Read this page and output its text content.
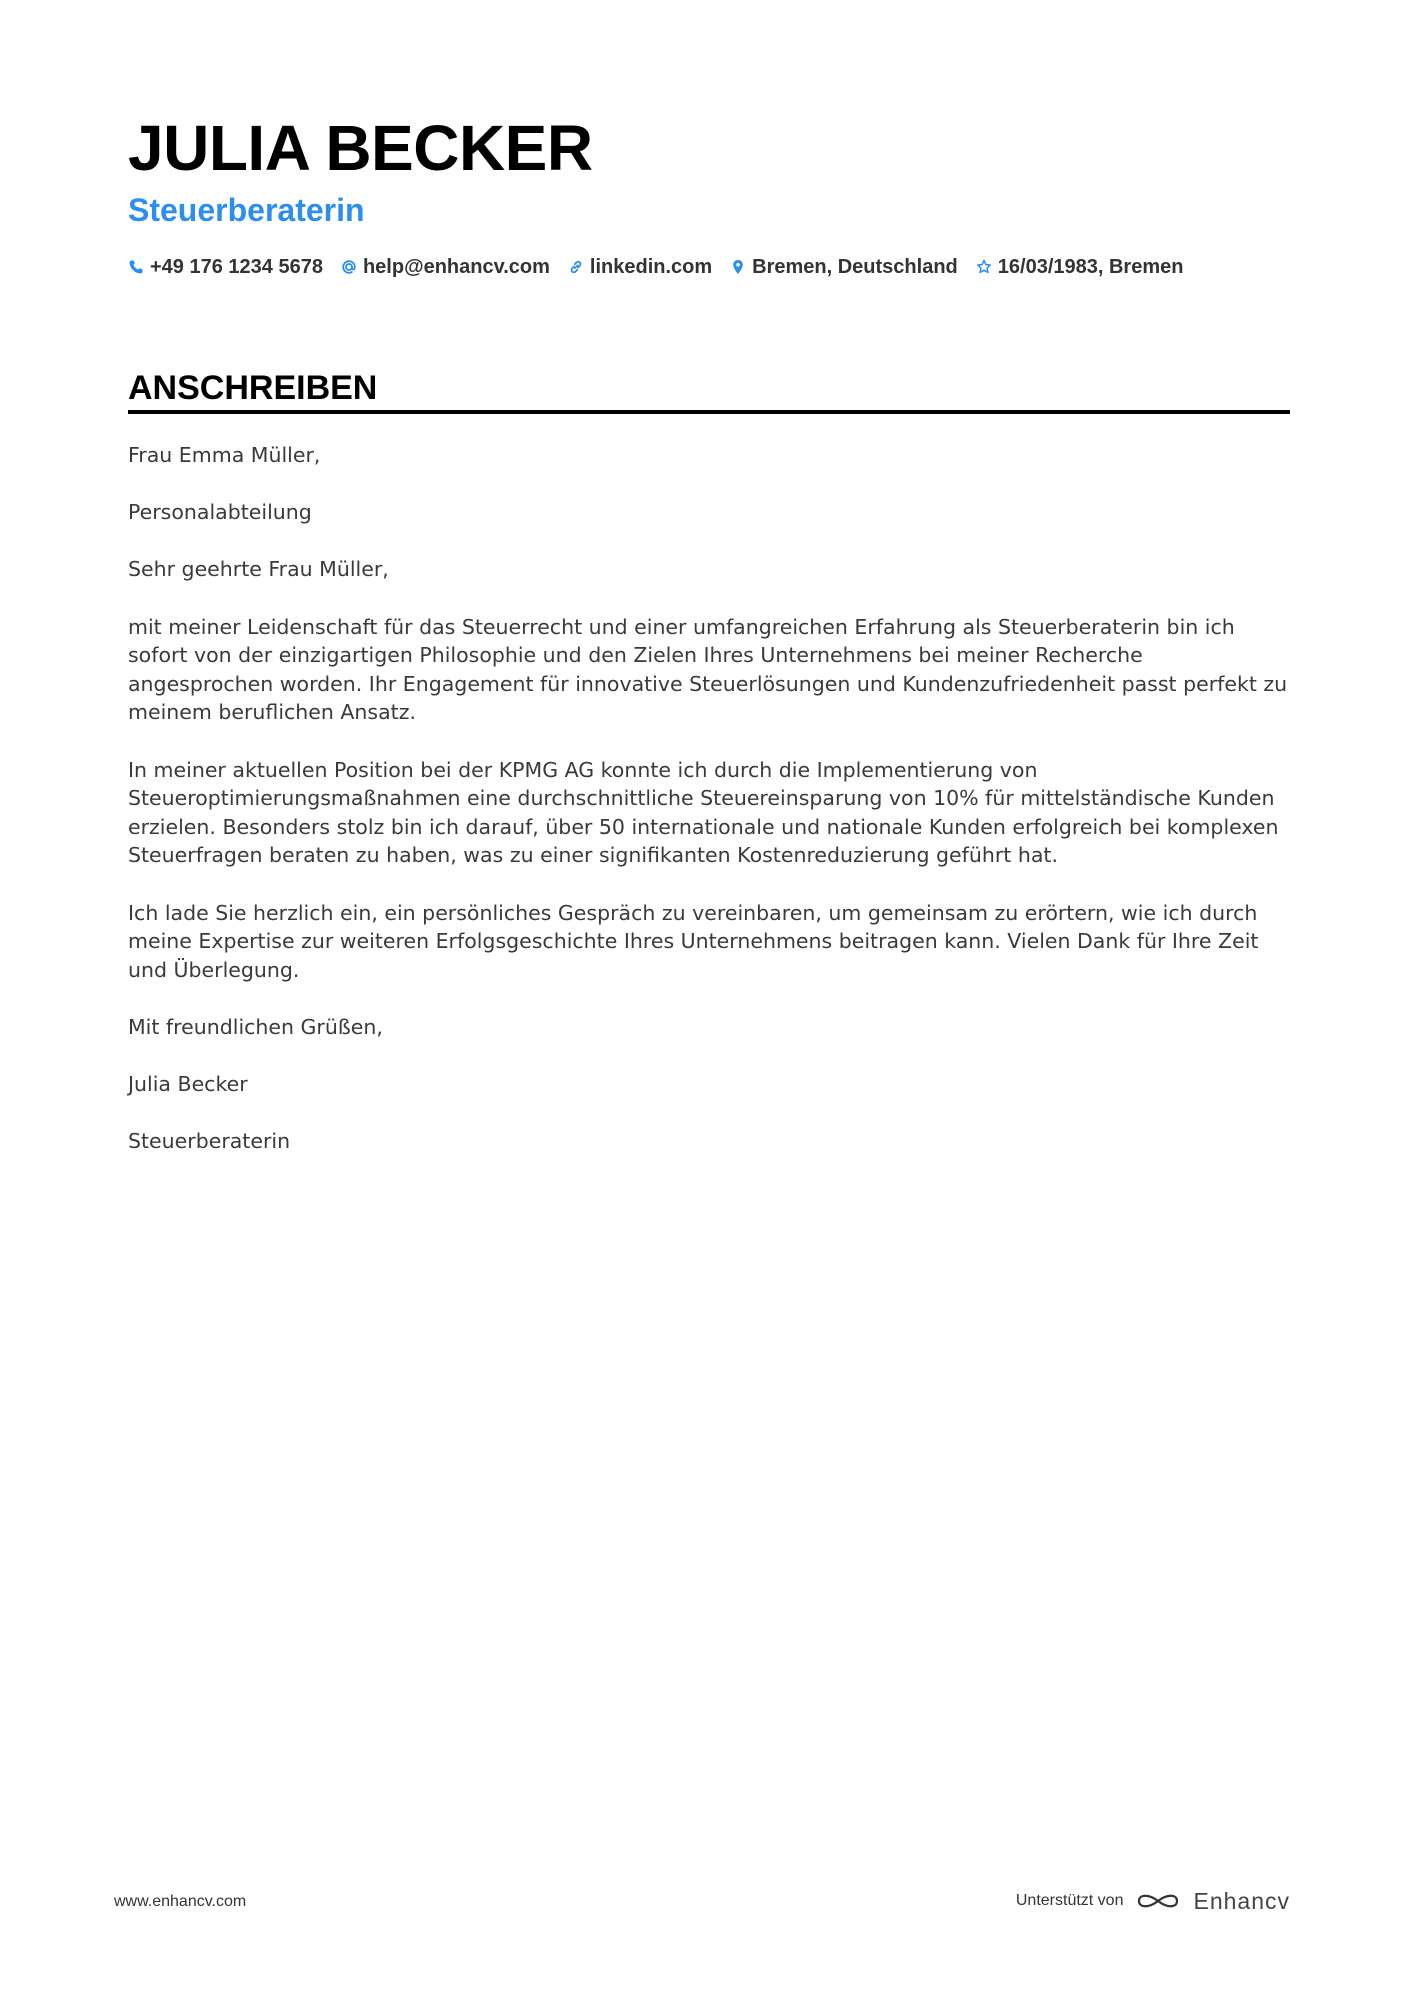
JULIA BECKER
Steuerberaterin
+49 176 1234 5678 help@enhancv.com linkedin.com Bremen, Deutschland 16/03/1983, Bremen
ANSCHREIBEN

Frau Emma Müller,

Personalabteilung

Sehr geehrte Frau Müller,

mit meiner Leidenschaft für das Steuerrecht und einer umfangreichen Erfahrung als Steuerberaterin bin ich sofort von der einzigartigen Philosophie und den Zielen Ihres Unternehmens bei meiner Recherche angesprochen worden. Ihr Engagement für innovative Steuerlösungen und Kundenzufriedenheit passt perfekt zu meinem beruflichen Ansatz.

In meiner aktuellen Position bei der KPMG AG konnte ich durch die Implementierung von Steueroptimierungsmaßnahmen eine durchschnittliche Steuereinsparung von 10% für mittelständische Kunden erzielen. Besonders stolz bin ich darauf, über 50 internationale und nationale Kunden erfolgreich bei komplexen Steuerfragen beraten zu haben, was zu einer signifikanten Kostenreduzierung geführt hat.

Ich lade Sie herzlich ein, ein persönliches Gespräch zu vereinbaren, um gemeinsam zu erörtern, wie ich durch meine Expertise zur weiteren Erfolgsgeschichte Ihres Unternehmens beitragen kann. Vielen Dank für Ihre Zeit und Überlegung.

Mit freundlichen Grüßen,

Julia Becker

Steuerberaterin

www.enhancv.com	Unterstützt von	Enhancv
